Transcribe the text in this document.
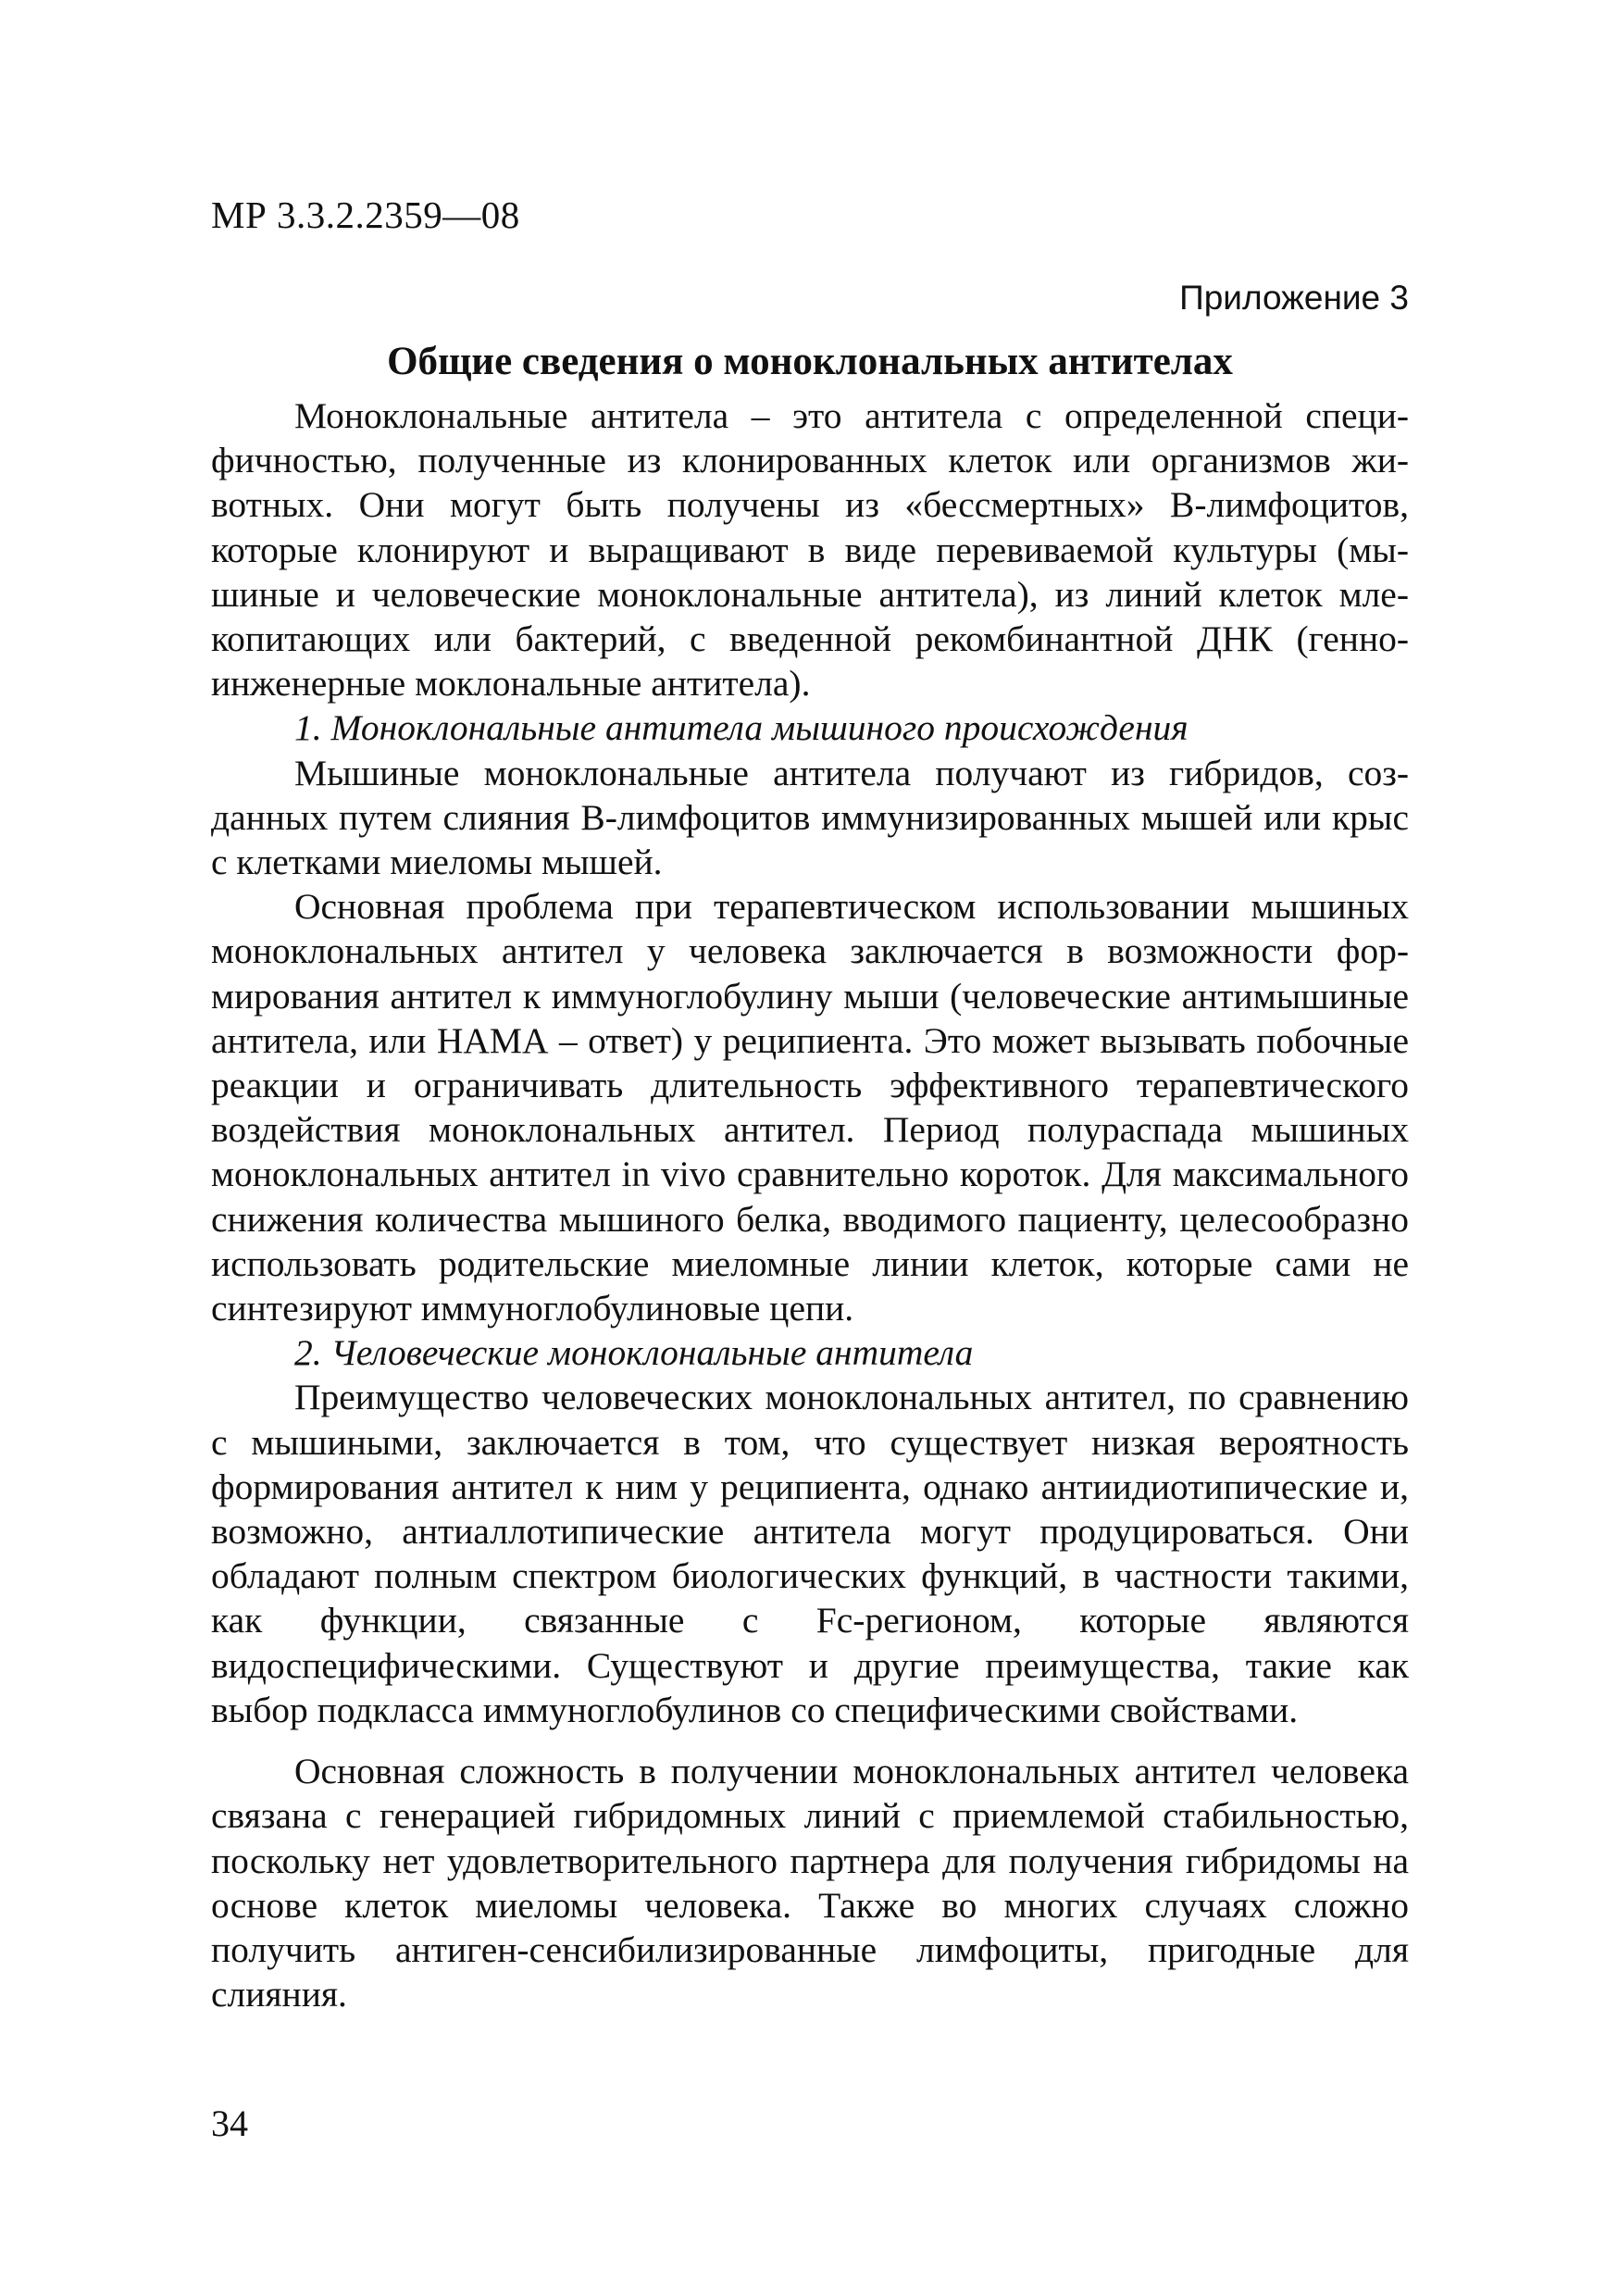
МР 3.3.2.2359—08
Приложение 3
Общие сведения о моноклональных антителах

Моноклональные антитела – это антитела с определенной специфичностью, полученные из клонированных клеток или организмов животных. Они могут быть получены из «бессмертных» В-лимфоцитов, которые клонируют и выращивают в виде перевиваемой культуры (мышиные и человеческие моноклональные антитела), из линий клеток млекопитающих или бактерий, с введенной рекомбинантной ДНК (генно-инженерные моклональные антитела).

1. Моноклональные антитела мышиного происхождения

Мышиные моноклональные антитела получают из гибридов, созданных путем слияния В-лимфоцитов иммунизированных мышей или крыс с клетками миеломы мышей.

Основная проблема при терапевтическом использовании мышиных моноклональных антител у человека заключается в возможности формирования антител к иммуноглобулину мыши (человеческие антимышиные антитела, или НАМА – ответ) у реципиента. Это может вызывать побочные реакции и ограничивать длительность эффективного терапевтического воздействия моноклональных антител. Период полураспада мышиных моноклональных антител in vivo сравнительно короток. Для максимального снижения количества мышиного белка, вводимого пациенту, целесообразно использовать родительские миеломные линии клеток, которые сами не синтезируют иммуноглобулиновые цепи.

2. Человеческие моноклональные антитела

Преимущество человеческих моноклональных антител, по сравнению с мышиными, заключается в том, что существует низкая вероятность формирования антител к ним у реципиента, однако антиидиотипические и, возможно, антиаллотипические антитела могут продуцироваться. Они обладают полным спектром биологических функций, в частности такими, как функции, связанные с Fc-регионом, которые являются видоспецифическими. Существуют и другие преимущества, такие как выбор подкласса иммуноглобулинов со специфическими свойствами.

Основная сложность в получении моноклональных антител человека связана с генерацией гибридомных линий с приемлемой стабильностью, поскольку нет удовлетворительного партнера для получения гибридомы на основе клеток миеломы человека. Также во многих случаях сложно получить антиген-сенсибилизированные лимфоциты, пригодные для слияния.

34
